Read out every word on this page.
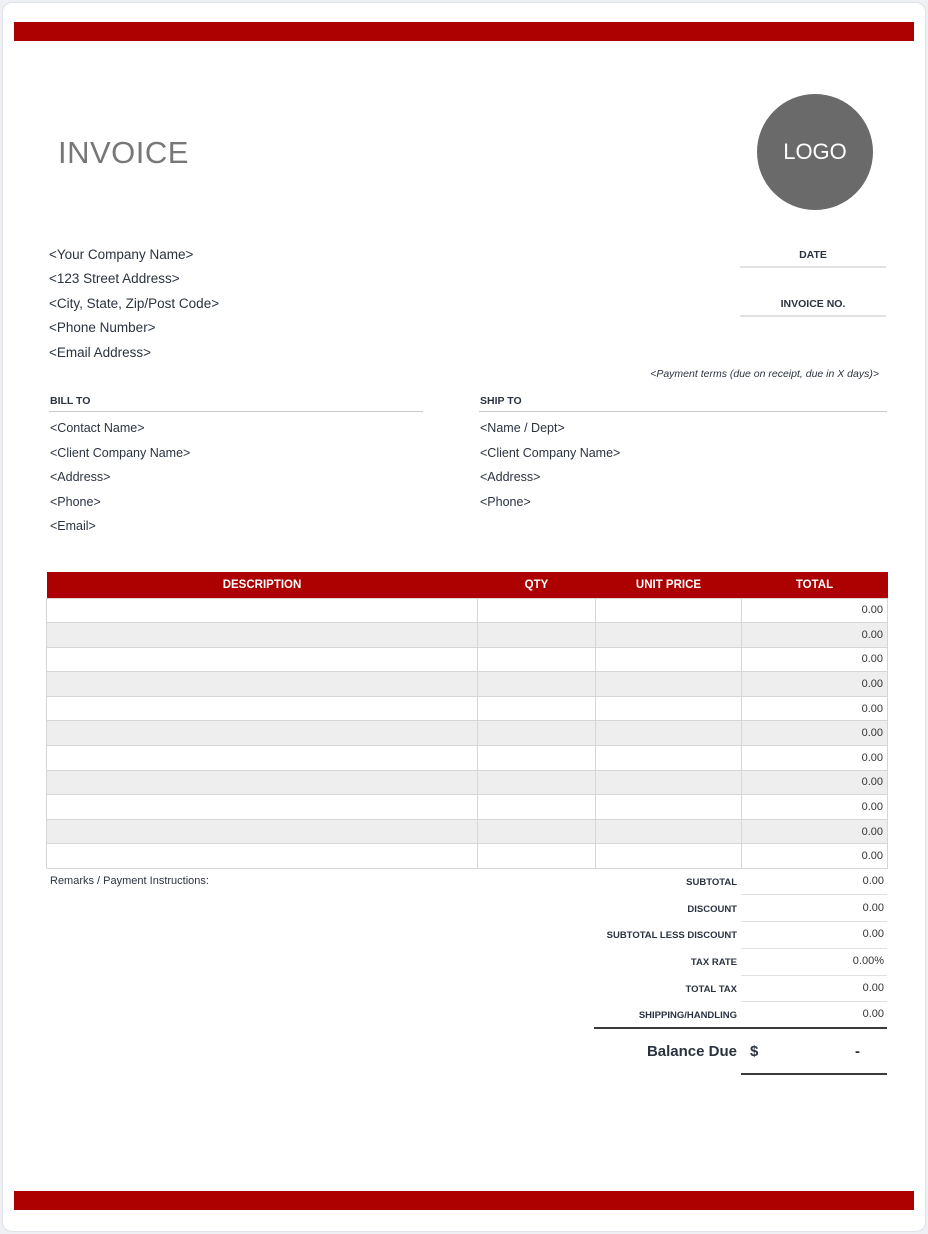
INVOICE	LOGO
<Your Company Name>
<123 Street Address>
<City, State, Zip/Post Code>
<Phone Number>
<Email Address>
DATE
INVOICE NO.
<Payment terms (due on receipt, due in X days)>
BILL TO	SHIP TO
<Contact Name>
<Client Company Name>
<Address>
<Phone>
<Email>
<Name / Dept>
<Client Company Name>
<Address>
<Phone>
DESCRIPTION	QTY	UNIT PRICE	TOTAL
			0.00
			0.00
			0.00
			0.00
			0.00
			0.00
			0.00
			0.00
			0.00
			0.00
			0.00
Remarks / Payment Instructions:	SUBTOTAL	0.00
DISCOUNT	0.00
SUBTOTAL LESS DISCOUNT	0.00
TAX RATE	0.00%
TOTAL TAX	0.00
SHIPPING/HANDLING	0.00
Balance Due $	-
